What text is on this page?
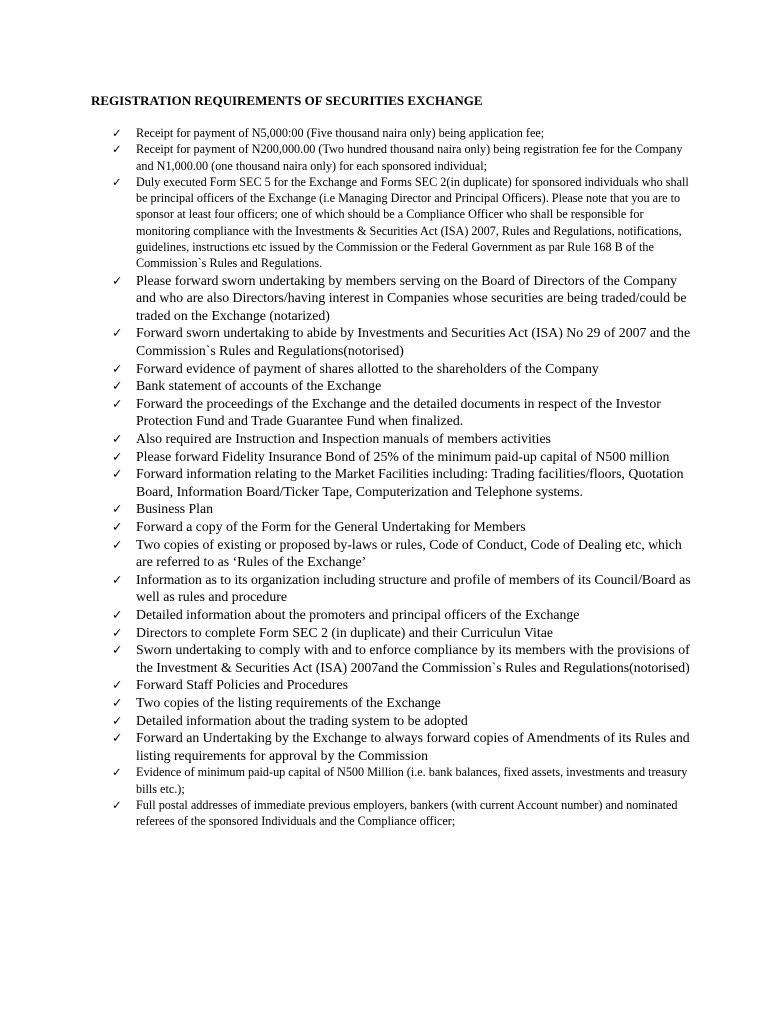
REGISTRATION REQUIREMENTS OF SECURITIES EXCHANGE
✓ Receipt for payment of N5,000:00 (Five thousand naira only) being application fee;
✓ Receipt for payment of N200,000.00 (Two hundred thousand naira only) being registration fee for the Company and N1,000.00 (one thousand naira only) for each sponsored individual;
✓ Duly executed Form SEC 5 for the Exchange and Forms SEC 2(in duplicate) for sponsored individuals who shall be principal officers of the Exchange (i.e Managing Director and Principal Officers). Please note that you are to sponsor at least four officers; one of which should be a Compliance Officer who shall be responsible for monitoring compliance with the Investments & Securities Act (ISA) 2007, Rules and Regulations, notifications, guidelines, instructions etc issued by the Commission or the Federal Government as par Rule 168 B of the Commission`s Rules and Regulations.
✓ Please forward sworn undertaking by members serving on the Board of Directors of the Company and who are also Directors/having interest in Companies whose securities are being traded/could be traded on the Exchange (notarized)
✓ Forward sworn undertaking to abide by Investments and Securities Act (ISA) No 29 of 2007 and the Commission`s Rules and Regulations(notorised)
✓ Forward evidence of payment of shares allotted to the shareholders of the Company
✓ Bank statement of accounts of the Exchange
✓ Forward the proceedings of the Exchange and the detailed documents in respect of the Investor Protection Fund and Trade Guarantee Fund when finalized.
✓ Also required are Instruction and Inspection manuals of members activities
✓ Please forward Fidelity Insurance Bond of 25% of the minimum paid-up capital of N500 million
✓ Forward information relating to the Market Facilities including: Trading facilities/floors, Quotation Board, Information Board/Ticker Tape, Computerization and Telephone systems.
✓ Business Plan
✓ Forward a copy of the Form for the General Undertaking for Members
✓ Two copies of existing or proposed by-laws or rules, Code of Conduct, Code of Dealing etc, which are referred to as ‘Rules of the Exchange’
✓ Information as to its organization including structure and profile of members of its Council/Board as well as rules and procedure
✓ Detailed information about the promoters and principal officers of the Exchange
✓ Directors to complete Form SEC 2 (in duplicate) and their Curriculun Vitae
✓ Sworn undertaking to comply with and to enforce compliance by its members with the provisions of the Investment & Securities Act (ISA) 2007and the Commission`s Rules and Regulations(notorised)
✓ Forward Staff Policies and Procedures
✓ Two copies of the listing requirements of the Exchange
✓ Detailed information about the trading system to be adopted
✓ Forward an Undertaking by the Exchange to always forward copies of Amendments of its Rules and listing requirements for approval by the Commission
✓ Evidence of minimum paid-up capital of N500 Million (i.e. bank balances, fixed assets, investments and treasury bills etc.);
✓ Full postal addresses of immediate previous employers, bankers (with current Account number) and nominated referees of the sponsored Individuals and the Compliance officer;
